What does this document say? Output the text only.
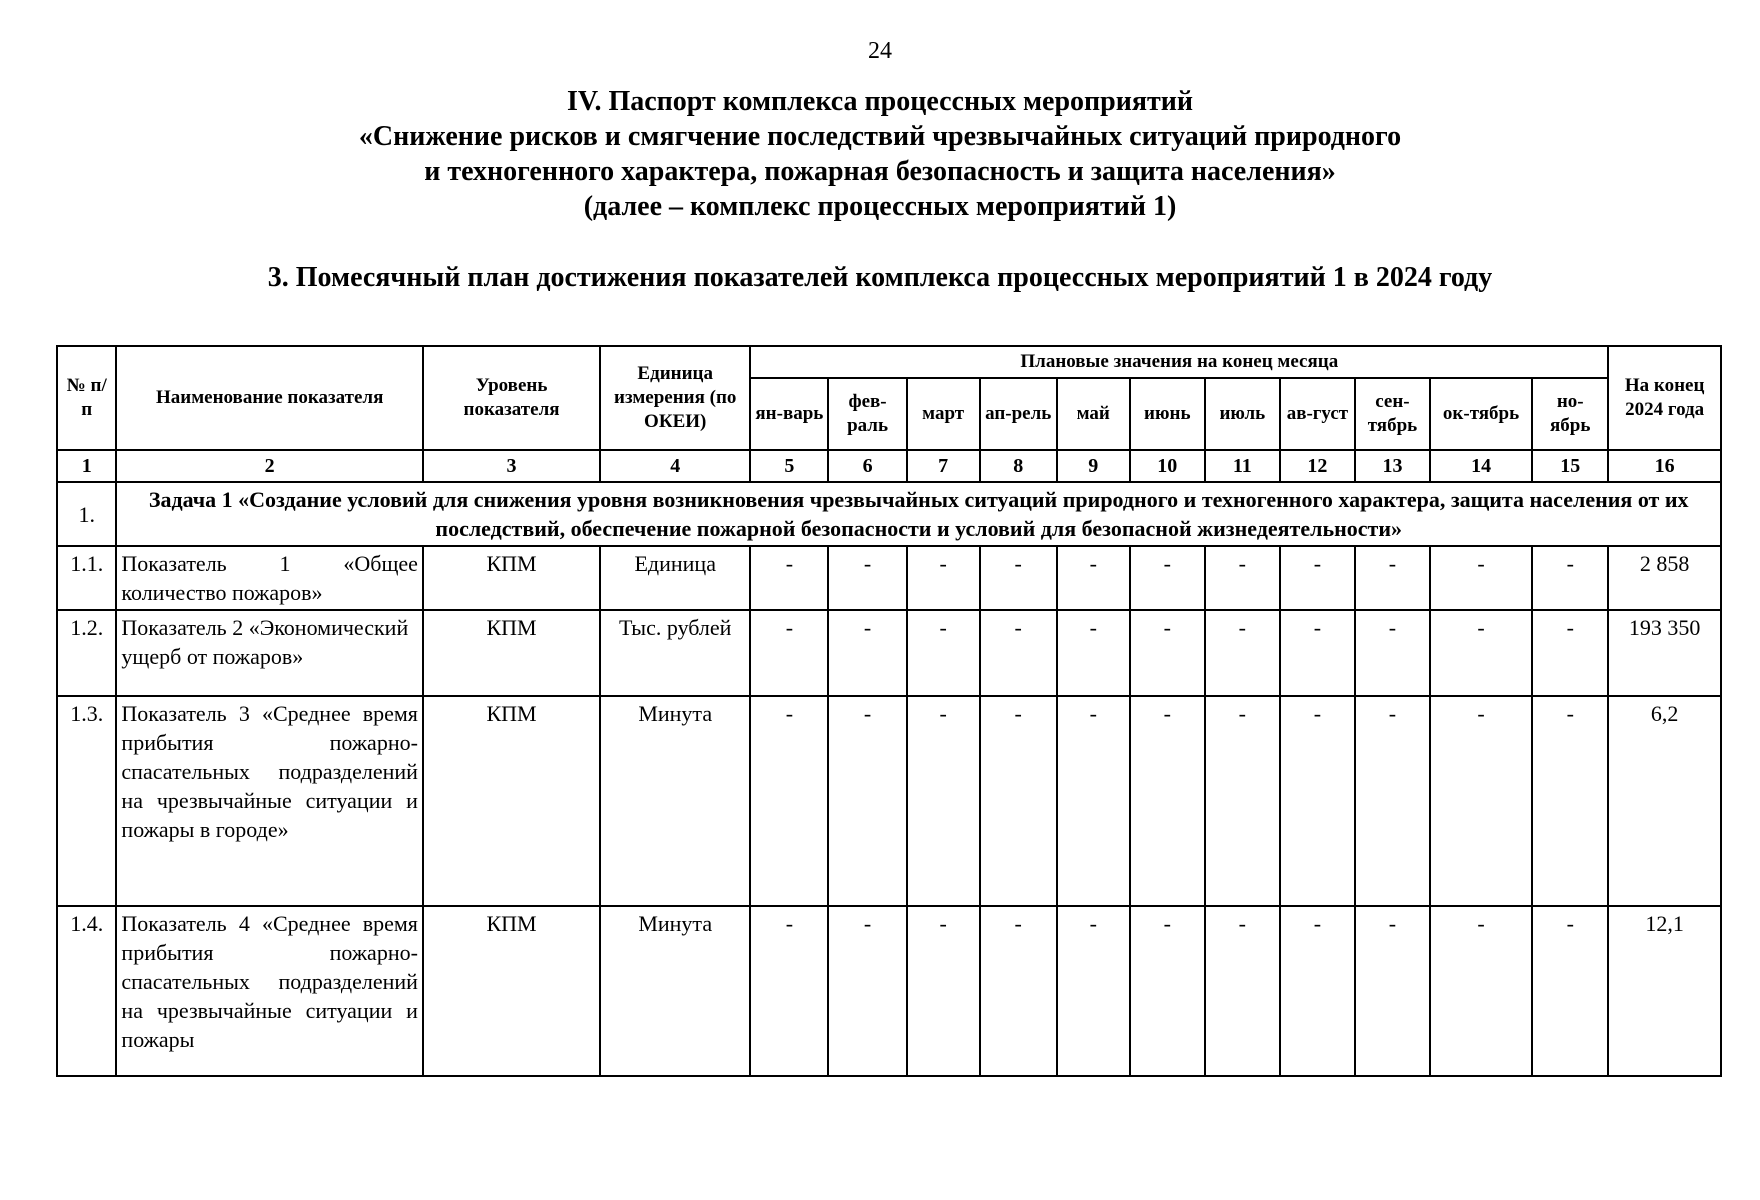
24
IV. Паспорт комплекса процессных мероприятий
«Снижение рисков и смягчение последствий чрезвычайных ситуаций природного
и техногенного характера, пожарная безопасность и защита населения»
(далее – комплекс процессных мероприятий 1)
3. Помесячный план достижения показателей комплекса процессных мероприятий 1 в 2024 году
№ п/п	Наименование показателя	Уровень показателя	Единица измерения (по ОКЕИ)	Плановые значения на конец месяца											На конец 2024 года
				ян-варь	фев-раль	март	ап-рель	май	июнь	июль	ав-густ	сен-тябрь	ок-тябрь	но-ябрь	
1	2	3	4	5	6	7	8	9	10	11	12	13	14	15	16
1.	Задача 1 «Создание условий для снижения уровня возникновения чрезвычайных ситуаций природного и техногенного характера, защита населения от их последствий, обеспечение пожарной безопасности и условий для безопасной жизнедеятельности»														
1.1.	Показатель 1 «Общее количество пожаров»	КПМ	Единица	-	-	-	-	-	-	-	-	-	-	-	2 858
1.2.	Показатель 2 «Экономический ущерб от пожаров»	КПМ	Тыс. рублей	-	-	-	-	-	-	-	-	-	-	-	193 350
1.3.	Показатель 3 «Среднее время прибытия пожарно-спасательных подразделений на чрезвычайные ситуации и пожары в городе»	КПМ	Минута	-	-	-	-	-	-	-	-	-	-	-	6,2
1.4.	Показатель 4 «Среднее время прибытия пожарно-спасательных подразделений на чрезвычайные ситуации и пожары	КПМ	Минута	-	-	-	-	-	-	-	-	-	-	-	12,1
